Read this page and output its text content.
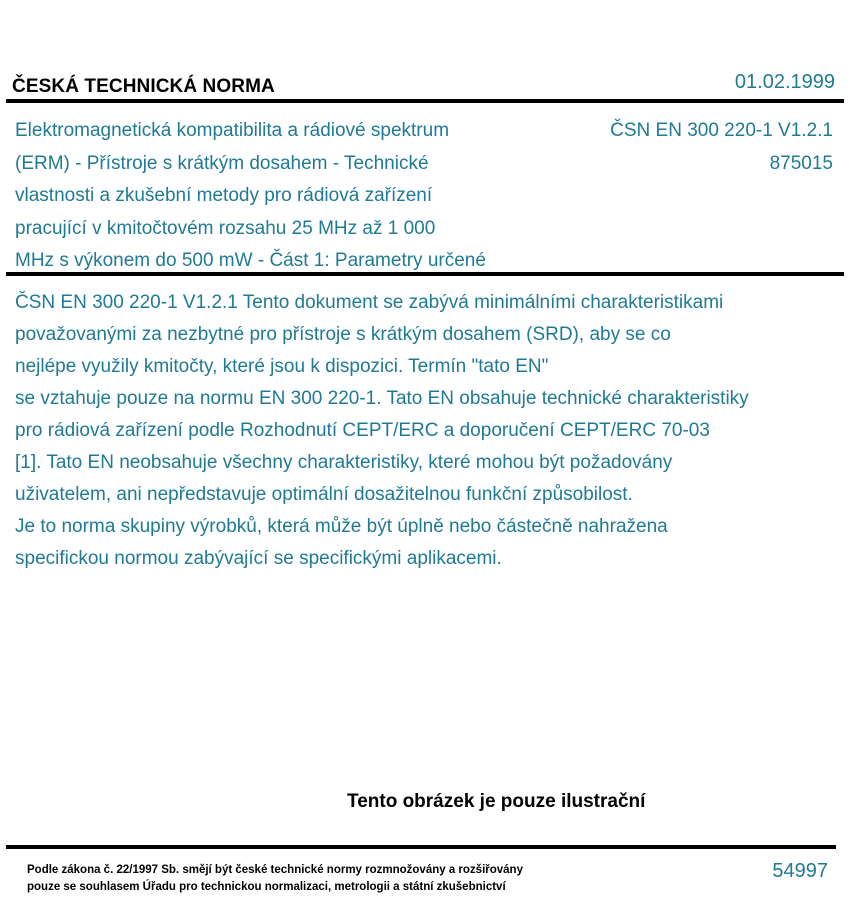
ČESKÁ TECHNICKÁ NORMA	01.02.1999
Elektromagnetická kompatibilita a rádiové spektrum
(ERM) - Přístroje s krátkým dosahem - Technické
vlastnosti a zkušební metody pro rádiová zařízení
pracující v kmitočtovém rozsahu 25 MHz až 1 000
MHz s výkonem do 500 mW - Část 1: Parametry určené
ČSN EN 300 220-1 V1.2.1
875015
ČSN EN 300 220-1 V1.2.1 Tento dokument se zabývá minimálními charakteristikami
považovanými za nezbytné pro přístroje s krátkým dosahem (SRD), aby se co
nejlépe využily kmitočty, které jsou k dispozici. Termín "tato EN"
se vztahuje pouze na normu EN 300 220-1. Tato EN obsahuje technické charakteristiky
pro rádiová zařízení podle Rozhodnutí CEPT/ERC a doporučení CEPT/ERC 70-03
[1]. Tato EN neobsahuje všechny charakteristiky, které mohou být požadovány
uživatelem, ani nepředstavuje optimální dosažitelnou funkční způsobilost.
Je to norma skupiny výrobků, která může být úplně nebo částečně nahražena
specifickou normou zabývající se specifickými aplikacemi.
Tento obrázek je pouze ilustrační
Podle zákona č. 22/1997 Sb. smějí být české technické normy rozmnožovány a rozšiřovány
pouze se souhlasem Úřadu pro technickou normalizaci, metrologii a státní zkušebnictví
54997
